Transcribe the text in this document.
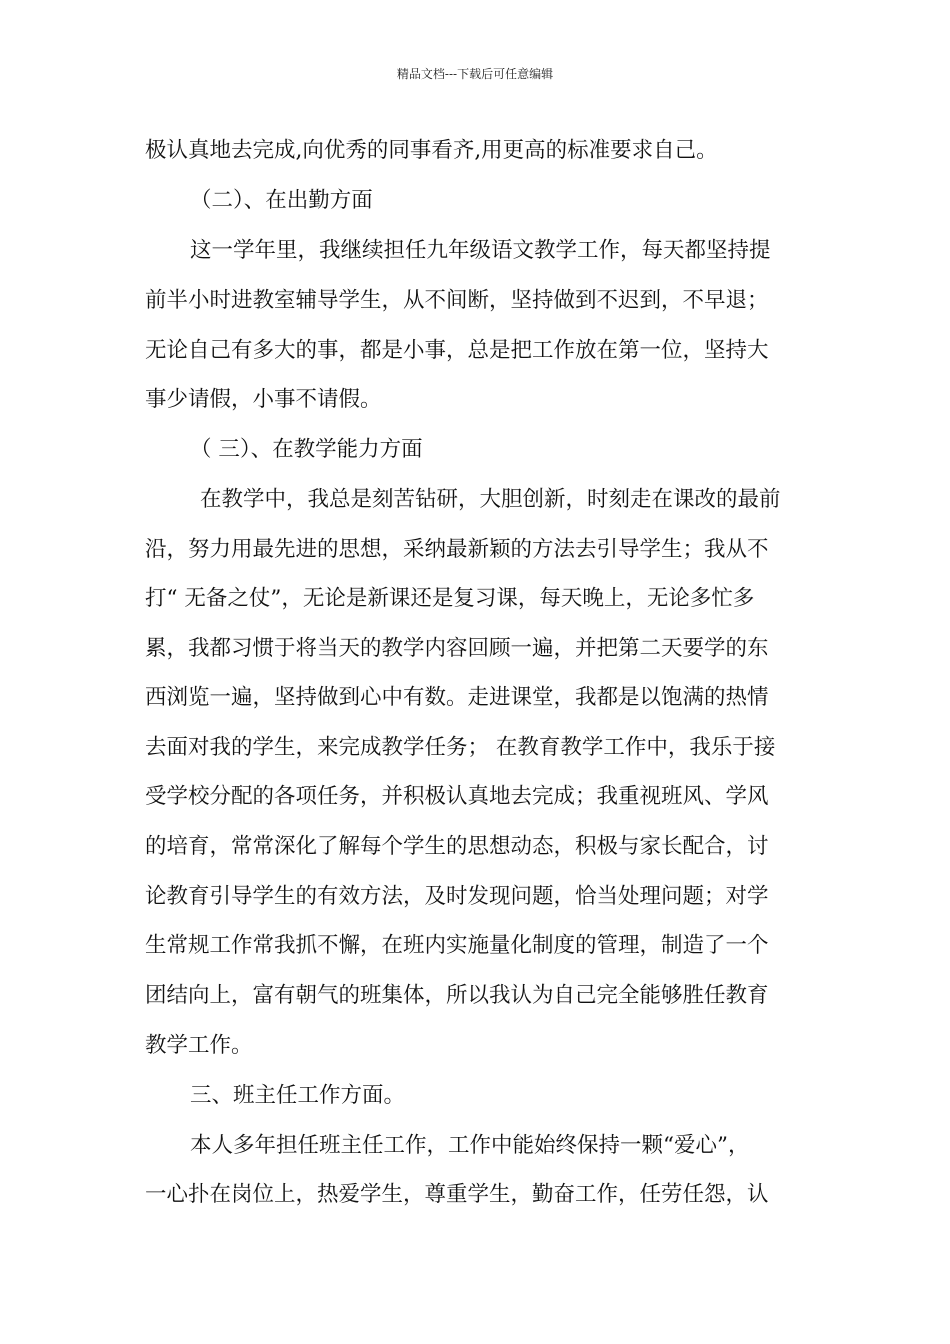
精品文档---下载后可任意编辑
极认真地去完成,向优秀的同事看齐,用更高的标准要求自己。
（二）、在出勤方面
这一学年里，我继续担任九年级语文教学工作，每天都坚持提
前半小时进教室辅导学生，从不间断，坚持做到不迟到，不早退；
无论自己有多大的事，都是小事，总是把工作放在第一位，坚持大
事少请假，小事不请假。
（ 三）、在教学能力方面
在教学中，我总是刻苦钻研，大胆创新，时刻走在课改的最前
沿，努力用最先进的思想，采纳最新颖的方法去引导学生；我从不
打“ 无备之仗”，无论是新课还是复习课，每天晚上，无论多忙多
累，我都习惯于将当天的教学内容回顾一遍，并把第二天要学的东
西浏览一遍，坚持做到心中有数。走进课堂，我都是以饱满的热情
去面对我的学生，来完成教学任务； 在教育教学工作中，我乐于接
受学校分配的各项任务，并积极认真地去完成；我重视班风、学风
的培育，常常深化了解每个学生的思想动态，积极与家长配合，讨
论教育引导学生的有效方法，及时发现问题，恰当处理问题；对学
生常规工作常我抓不懈，在班内实施量化制度的管理，制造了一个
团结向上，富有朝气的班集体，所以我认为自己完全能够胜任教育
教学工作。
三、班主任工作方面。
本人多年担任班主任工作，工作中能始终保持一颗“爱心”，
一心扑在岗位上，热爱学生，尊重学生，勤奋工作，任劳任怨，认
